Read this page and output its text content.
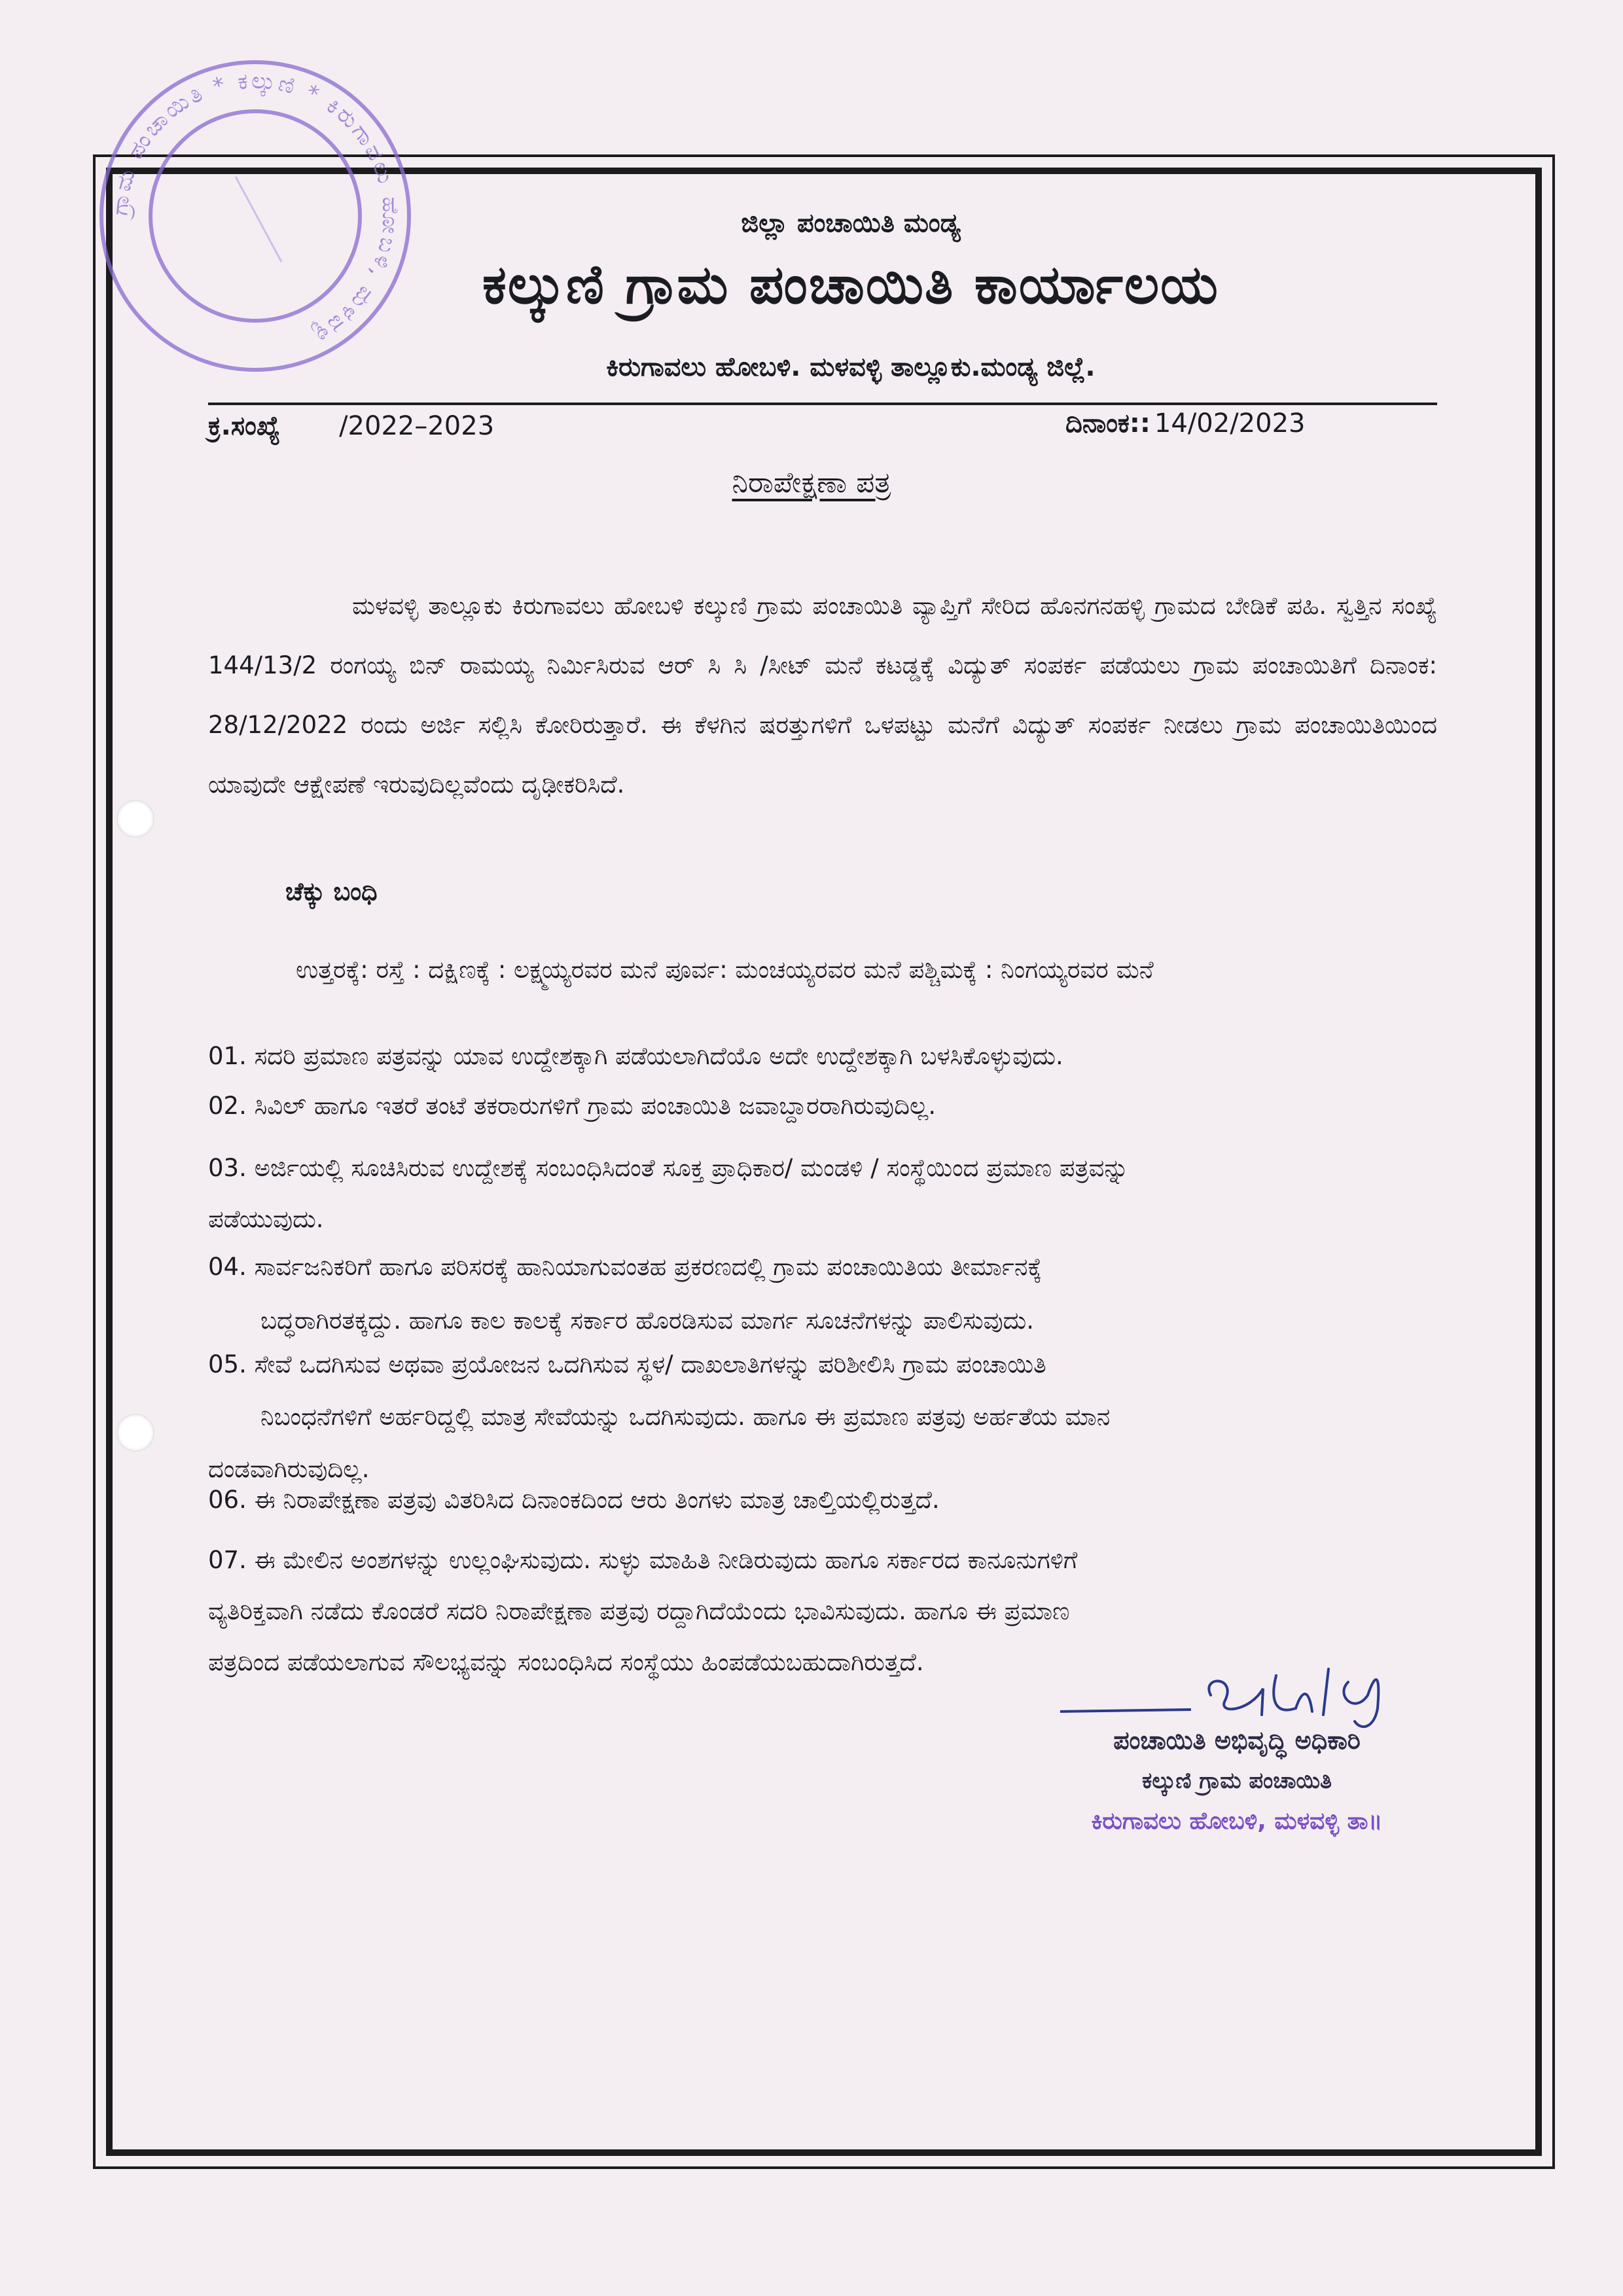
ಗ್ರಾಮ ಪಂಚಾಯಿತಿ * ಕಲ್ಕುಣಿ * ಕಿರುಗಾವಲು ಹೋಬಳಿ, ಮಳವಳ್ಳಿ
ಜಿಲ್ಲಾ ಪಂಚಾಯಿತಿ ಮಂಡ್ಯ
ಕಲ್ಕುಣಿ ಗ್ರಾಮ ಪಂಚಾಯಿತಿ ಕಾರ್ಯಾಲಯ
ಕಿರುಗಾವಲು ಹೋಬಳಿ. ಮಳವಳ್ಳಿ ತಾಲ್ಲೂಕು.ಮಂಡ್ಯ ಜಿಲ್ಲೆ.
ಕ್ರ.ಸಂಖ್ಯೆ /2022–2023	ದಿನಾಂಕ:: 14/02/2023
ನಿರಾಪೇಕ್ಷಣಾ ಪತ್ರ
ಮಳವಳ್ಳಿ ತಾಲ್ಲೂಕು ಕಿರುಗಾವಲು ಹೋಬಳಿ ಕಲ್ಕುಣಿ ಗ್ರಾಮ ಪಂಚಾಯಿತಿ ವ್ಯಾಪ್ತಿಗೆ ಸೇರಿದ ಹೊನಗನಹಳ್ಳಿ ಗ್ರಾಮದ ಬೇಡಿಕೆ ಪಹಿ. ಸ್ವತ್ತಿನ ಸಂಖ್ಯೆ 144/13/2 ರಂಗಯ್ಯ ಬಿನ್ ರಾಮಯ್ಯ ನಿರ್ಮಿಸಿರುವ ಆರ್ ಸಿ ಸಿ /ಸೀಟ್ ಮನೆ ಕಟಡ್ಡಕ್ಕೆ ವಿದ್ಯುತ್ ಸಂಪರ್ಕ ಪಡೆಯಲು ಗ್ರಾಮ ಪಂಚಾಯಿತಿಗೆ ದಿನಾಂಕ: 28/12/2022 ರಂದು ಅರ್ಜಿ ಸಲ್ಲಿಸಿ ಕೋರಿರುತ್ತಾರೆ. ಈ ಕೆಳಗಿನ ಷರತ್ತುಗಳಿಗೆ ಒಳಪಟ್ಟು ಮನೆಗೆ ವಿದ್ಯುತ್ ಸಂಪರ್ಕ ನೀಡಲು ಗ್ರಾಮ ಪಂಚಾಯಿತಿಯಿಂದ ಯಾವುದೇ ಆಕ್ಷೇಪಣೆ ಇರುವುದಿಲ್ಲವೆಂದು ದೃಢೀಕರಿಸಿದೆ.
ಚೆಕ್ಕು ಬಂಧಿ
ಉತ್ತರಕ್ಕೆ: ರಸ್ತೆ : ದಕ್ಷಿಣಕ್ಕೆ : ಲಕ್ಷ್ಮಯ್ಯರವರ ಮನೆ ಪೂರ್ವ: ಮಂಚಯ್ಯರವರ ಮನೆ ಪಶ್ಚಿಮಕ್ಕೆ : ನಿಂಗಯ್ಯರವರ ಮನೆ
01. ಸದರಿ ಪ್ರಮಾಣ ಪತ್ರವನ್ನು ಯಾವ ಉದ್ದೇಶಕ್ಕಾಗಿ ಪಡೆಯಲಾಗಿದೆಯೊ ಅದೇ ಉದ್ದೇಶಕ್ಕಾಗಿ ಬಳಸಿಕೊಳ್ಳುವುದು.
02. ಸಿವಿಲ್ ಹಾಗೂ ಇತರೆ ತಂಟೆ ತಕರಾರುಗಳಿಗೆ ಗ್ರಾಮ ಪಂಚಾಯಿತಿ ಜವಾಬ್ದಾರರಾಗಿರುವುದಿಲ್ಲ.
03. ಅರ್ಜಿಯಲ್ಲಿ ಸೂಚಿಸಿರುವ ಉದ್ದೇಶಕ್ಕೆ ಸಂಬಂಧಿಸಿದಂತೆ ಸೂಕ್ತ ಪ್ರಾಧಿಕಾರ/ ಮಂಡಳಿ / ಸಂಸ್ಥೆಯಿಂದ ಪ್ರಮಾಣ ಪತ್ರವನ್ನು
ಪಡೆಯುವುದು.
04. ಸಾರ್ವಜನಿಕರಿಗೆ ಹಾಗೂ ಪರಿಸರಕ್ಕೆ ಹಾನಿಯಾಗುವಂತಹ ಪ್ರಕರಣದಲ್ಲಿ ಗ್ರಾಮ ಪಂಚಾಯಿತಿಯ ತೀರ್ಮಾನಕ್ಕೆ
ಬದ್ಧರಾಗಿರತಕ್ಕದ್ದು. ಹಾಗೂ ಕಾಲ ಕಾಲಕ್ಕೆ ಸರ್ಕಾರ ಹೊರಡಿಸುವ ಮಾರ್ಗ ಸೂಚನೆಗಳನ್ನು ಪಾಲಿಸುವುದು.
05. ಸೇವೆ ಒದಗಿಸುವ ಅಥವಾ ಪ್ರಯೋಜನ ಒದಗಿಸುವ ಸ್ಥಳ/ ದಾಖಲಾತಿಗಳನ್ನು ಪರಿಶೀಲಿಸಿ ಗ್ರಾಮ ಪಂಚಾಯಿತಿ
ನಿಬಂಧನೆಗಳಿಗೆ ಅರ್ಹರಿದ್ದಲ್ಲಿ ಮಾತ್ರ ಸೇವೆಯನ್ನು ಒದಗಿಸುವುದು. ಹಾಗೂ ಈ ಪ್ರಮಾಣ ಪತ್ರವು ಅರ್ಹತೆಯ ಮಾನ
ದಂಡವಾಗಿರುವುದಿಲ್ಲ.
06. ಈ ನಿರಾಪೇಕ್ಷಣಾ ಪತ್ರವು ವಿತರಿಸಿದ ದಿನಾಂಕದಿಂದ ಆರು ತಿಂಗಳು ಮಾತ್ರ ಚಾಲ್ತಿಯಲ್ಲಿರುತ್ತದೆ.
07. ಈ ಮೇಲಿನ ಅಂಶಗಳನ್ನು ಉಲ್ಲಂಘಿಸುವುದು. ಸುಳ್ಳು ಮಾಹಿತಿ ನೀಡಿರುವುದು ಹಾಗೂ ಸರ್ಕಾರದ ಕಾನೂನುಗಳಿಗೆ
ವ್ಯತಿರಿಕ್ತವಾಗಿ ನಡೆದು ಕೊಂಡರೆ ಸದರಿ ನಿರಾಪೇಕ್ಷಣಾ ಪತ್ರವು ರದ್ದಾಗಿದೆಯೆಂದು ಭಾವಿಸುವುದು. ಹಾಗೂ ಈ ಪ್ರಮಾಣ
ಪತ್ರದಿಂದ ಪಡೆಯಲಾಗುವ ಸೌಲಭ್ಯವನ್ನು ಸಂಬಂಧಿಸಿದ ಸಂಸ್ಥೆಯು ಹಿಂಪಡೆಯಬಹುದಾಗಿರುತ್ತದೆ.
ಪಂಚಾಯಿತಿ ಅಭಿವೃದ್ಧಿ ಅಧಿಕಾರಿ
ಕಲ್ಕುಣಿ ಗ್ರಾಮ ಪಂಚಾಯಿತಿ
ಕಿರುಗಾವಲು ಹೋಬಳಿ, ಮಳವಳ್ಳಿ ತಾ॥
